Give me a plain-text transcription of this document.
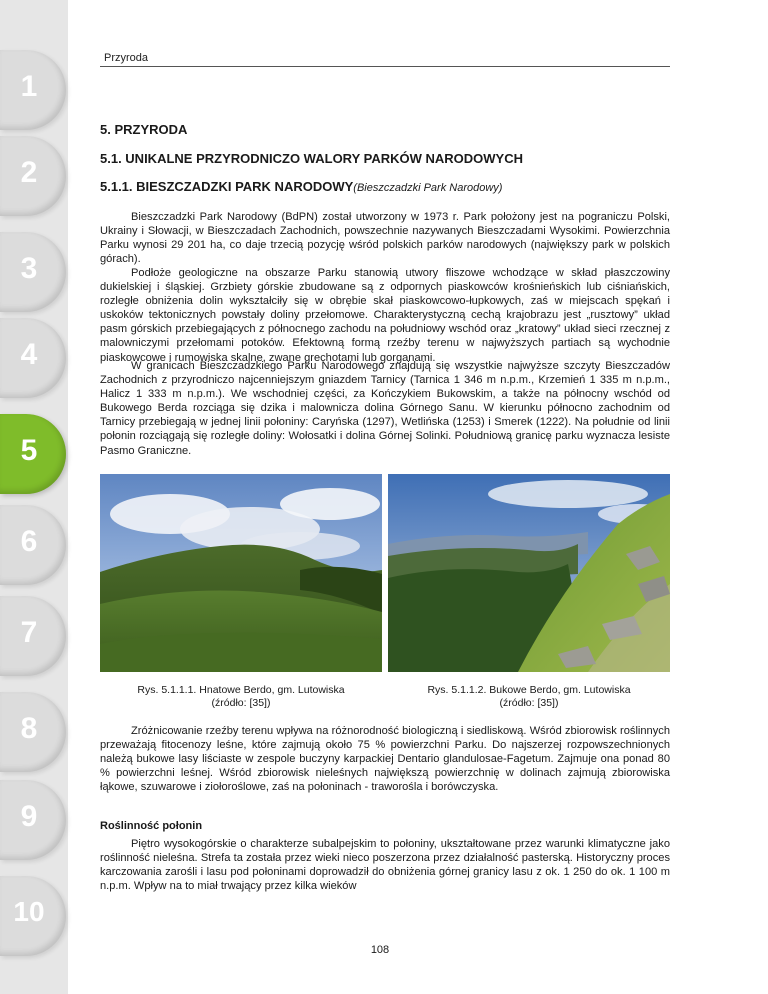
1
2
3
4
5
6
7
8
9
10
Przyroda
5. PRZYRODA
5.1. UNIKALNE PRZYRODNICZO WALORY PARKÓW NARODOWYCH
5.1.1. BIESZCZADZKI PARK NARODOWY(Bieszczadzki Park Narodowy)

Bieszczadzki Park Narodowy (BdPN) został utworzony w 1973 r. Park położony jest na pograniczu Polski, Ukrainy i Słowacji, w Bieszczadach Zachodnich, powszechnie nazywanych Bieszczadami Wysokimi. Powierzchnia Parku wynosi 29 201 ha, co daje trzecią pozycję wśród polskich parków narodowych (największy park w polskich górach).

Podłoże geologiczne na obszarze Parku stanowią utwory fliszowe wchodzące w skład płaszczowiny dukielskiej i śląskiej. Grzbiety górskie zbudowane są z odpornych piaskowców krośnieńskich lub ciśniańskich, rozległe obniżenia dolin wykształciły się w obrębie skał piaskowcowo-łupkowych, zaś w miejscach spękań i uskoków tektonicznych powstały doliny przełomowe. Charakterystyczną cechą krajobrazu jest „rusztowy” układ pasm górskich przebiegających z północnego zachodu na południowy wschód oraz „kratowy” układ sieci rzecznej z malowniczymi przełomami potoków. Efektowną formą rzeźby terenu w najwyższych partiach są wychodnie piaskowcowe i rumowiska skalne, zwane grechotami lub gorganami.

W granicach Bieszczadzkiego Parku Narodowego znajdują się wszystkie najwyższe szczyty Bieszczadów Zachodnich z przyrodniczo najcenniejszym gniazdem Tarnicy (Tarnica 1 346 m n.p.m., Krzemień 1 335 m n.p.m., Halicz 1 333 m n.p.m.). We wschodniej części, za Kończykiem Bukowskim, a także na północny wschód od Bukowego Berda rozciąga się dzika i malownicza dolina Górnego Sanu. W kierunku północno zachodnim od Tarnicy przebiegają w jednej linii połoniny: Caryńska (1297), Wetlińska (1253) i Smerek (1222). Na południe od linii połonin rozciągają się rozległe doliny: Wołosatki i dolina Górnej Solinki. Południową granicę parku wyznacza lesiste Pasmo Graniczne.

Rys. 5.1.1.1. Hnatowe Berdo, gm. Lutowiska
(źródło: [35])
Rys. 5.1.1.2. Bukowe Berdo, gm. Lutowiska
(źródło: [35])

Zróżnicowanie rzeźby terenu wpływa na różnorodność biologiczną i siedliskową. Wśród zbiorowisk roślinnych przeważają fitocenozy leśne, które zajmują około 75 % powierzchni Parku. Do najszerzej rozpowszechnionych należą bukowe lasy liściaste w zespole buczyny karpackiej Dentario glandulosae-Fagetum. Zajmuje ona ponad 80 % powierzchni leśnej. Wśród zbiorowisk nieleśnych największą powierzchnię w dolinach zajmują zbiorowiska łąkowe, szuwarowe i ziołoroślowe, zaś na połoninach - traworośla i borówczyska.

Roślinność połonin

Piętro wysokogórskie o charakterze subalpejskim to połoniny, ukształtowane przez warunki klimatyczne jako roślinność nieleśna. Strefa ta została przez wieki nieco poszerzona przez działalność pasterską. Historyczny proces karczowania zarośli i lasu pod połoninami doprowadził do obniżenia górnej granicy lasu z ok. 1 250 do ok. 1 100 m n.p.m. Wpływ na to miał trwający przez kilka wieków

108
